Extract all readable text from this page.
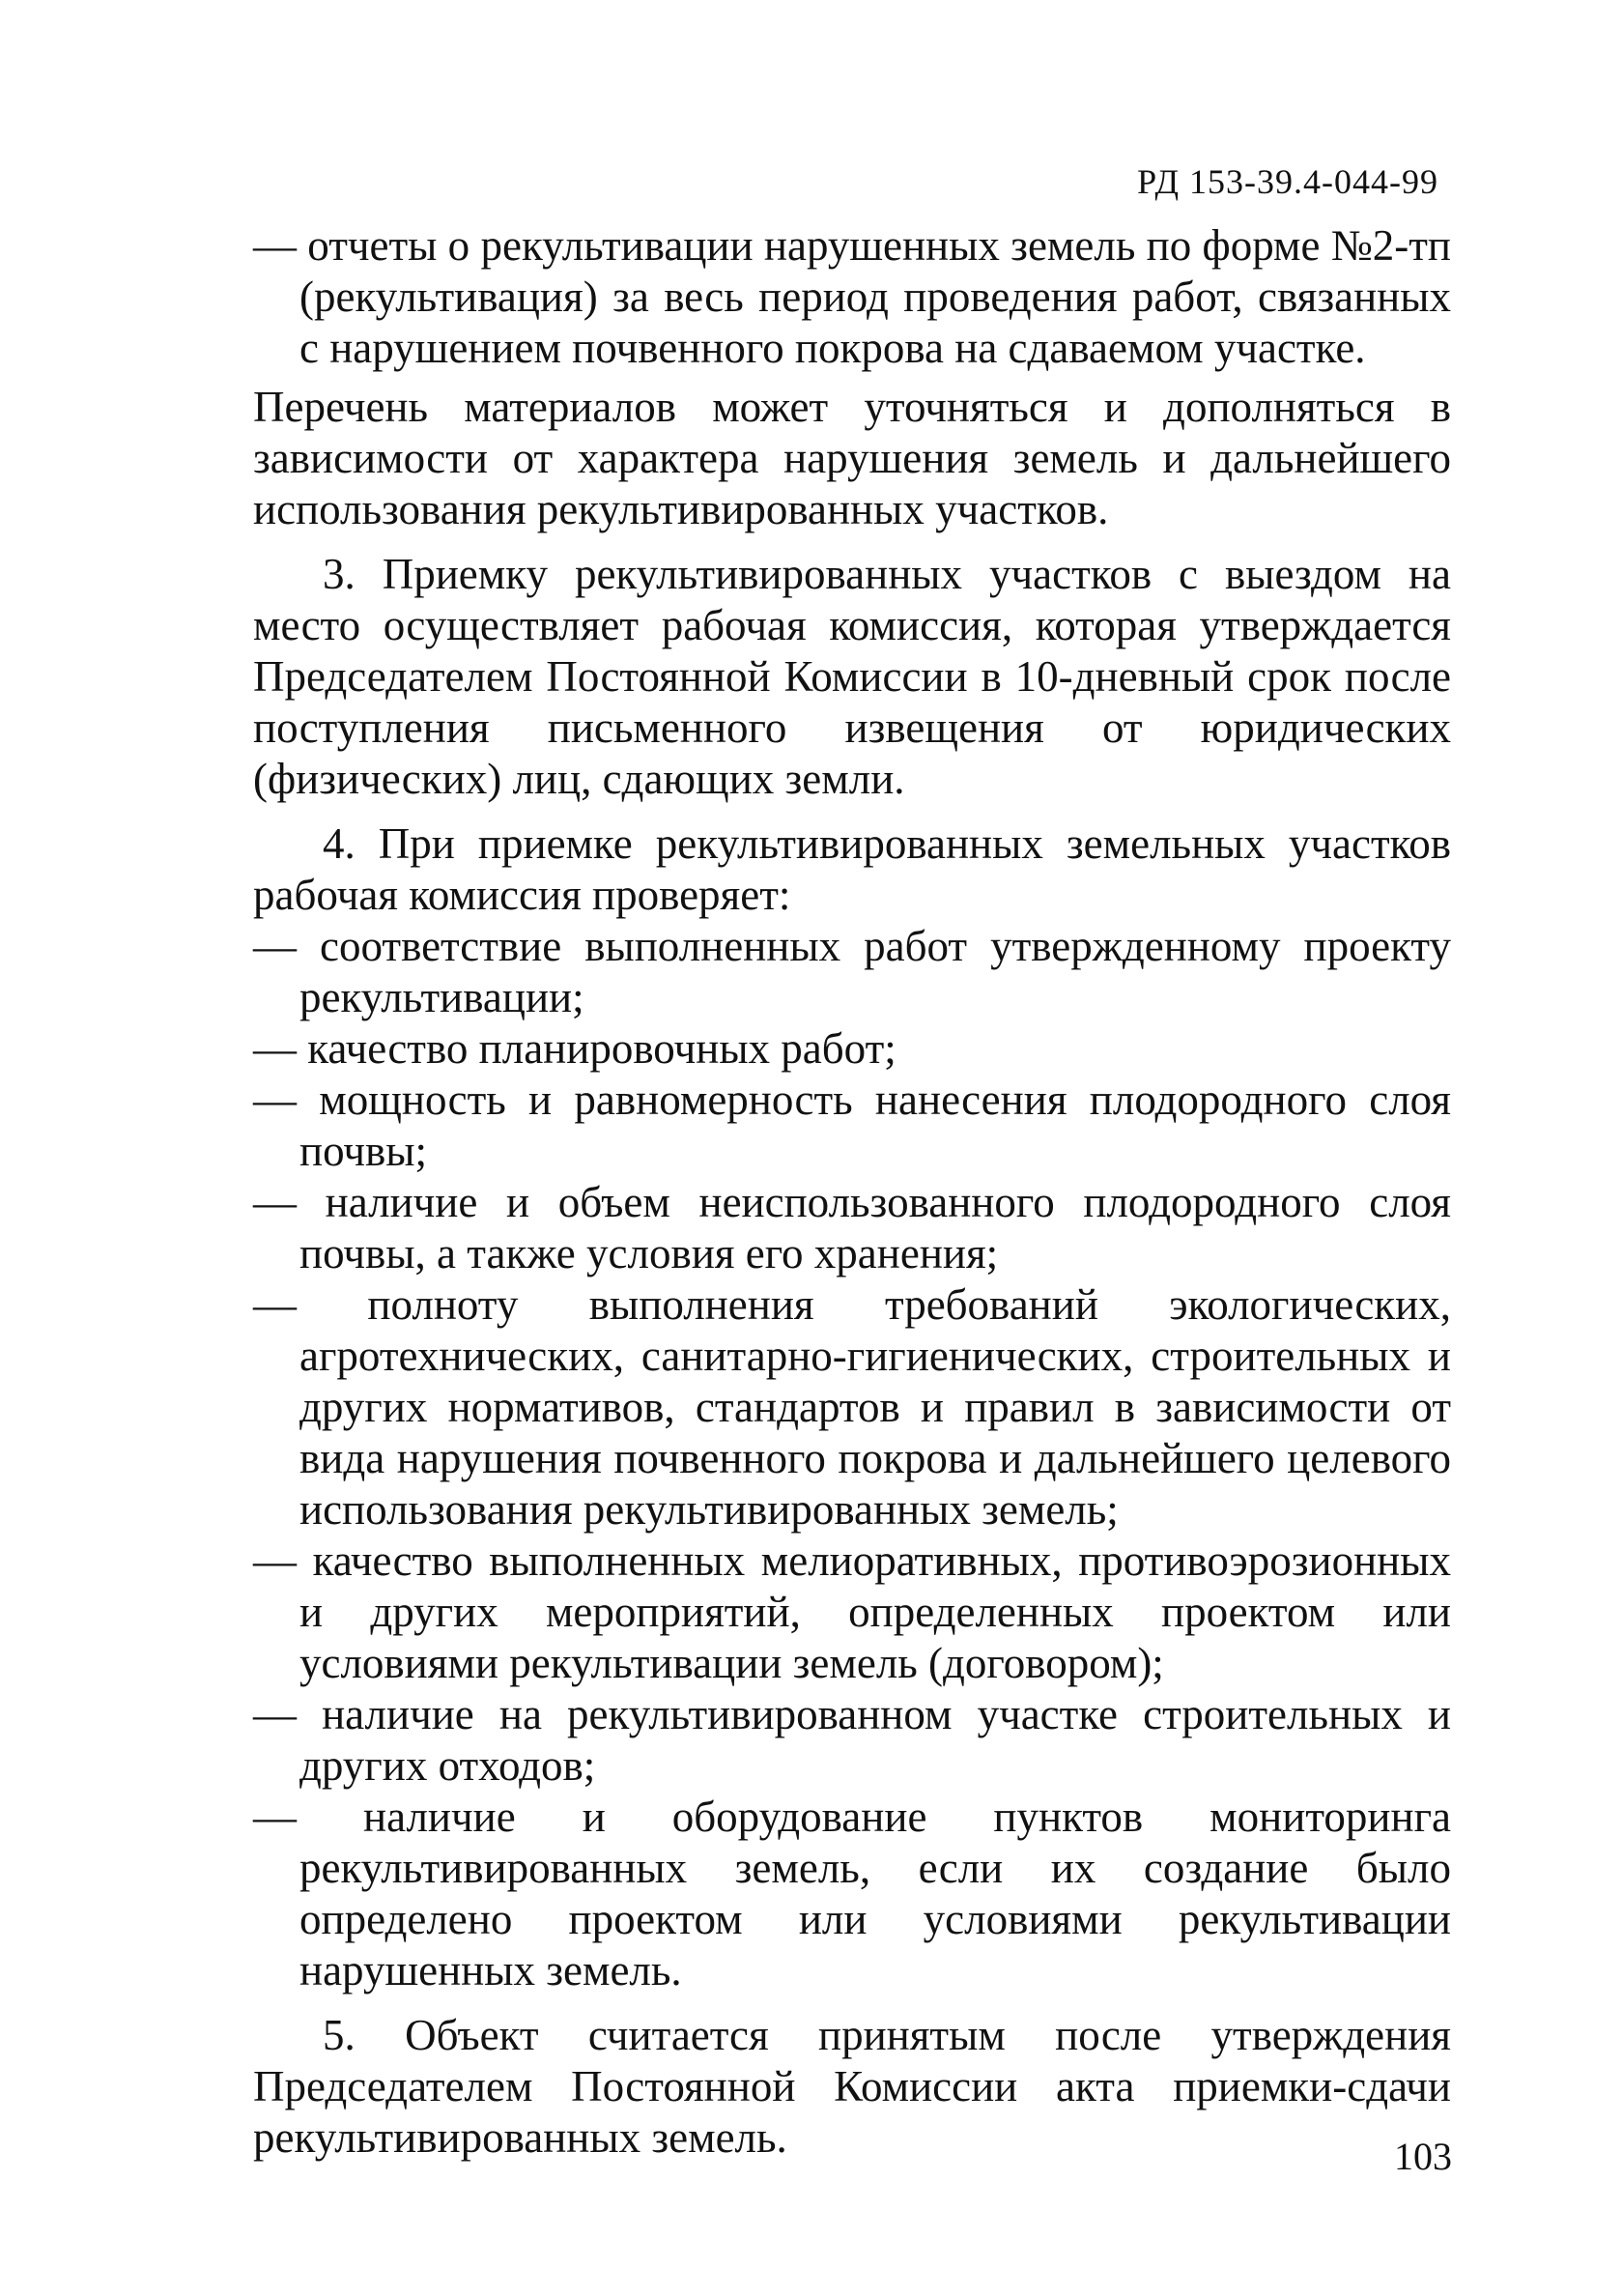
РД 153-39.4-044-99

— отчеты о рекультивации нарушенных земель по форме №2-тп (рекультивация) за весь период проведения работ, связанных с нарушением почвенного покрова на сдаваемом участке.

Перечень материалов может уточняться и дополняться в зависимости от характера нарушения земель и дальнейшего использования рекультивированных участков.

3. Приемку рекультивированных участков с выездом на место осуществляет рабочая комиссия, которая утверждается Председателем Постоянной Комиссии в 10-дневный срок после поступления письменного извещения от юридических (физических) лиц, сдающих земли.

4. При приемке рекультивированных земельных участков рабочая комиссия проверяет:

— соответствие выполненных работ утвержденному проекту рекультивации;

— качество планировочных работ;

— мощность и равномерность нанесения плодородного слоя почвы;

— наличие и объем неиспользованного плодородного слоя почвы, а также условия его хранения;

— полноту выполнения требований экологических, агротехнических, санитарно-гигиенических, строительных и других нормативов, стандартов и правил в зависимости от вида нарушения почвенного покрова и дальнейшего целевого использования рекультивированных земель;

— качество выполненных мелиоративных, противоэрозионных и других мероприятий, определенных проектом или условиями рекультивации земель (договором);

— наличие на рекультивированном участке строительных и других отходов;

— наличие и оборудование пунктов мониторинга рекультивированных земель, если их создание было определено проектом или условиями рекультивации нарушенных земель.

5. Объект считается принятым после утверждения Председателем Постоянной Комиссии акта приемки-сдачи рекультивированных земель.	103
